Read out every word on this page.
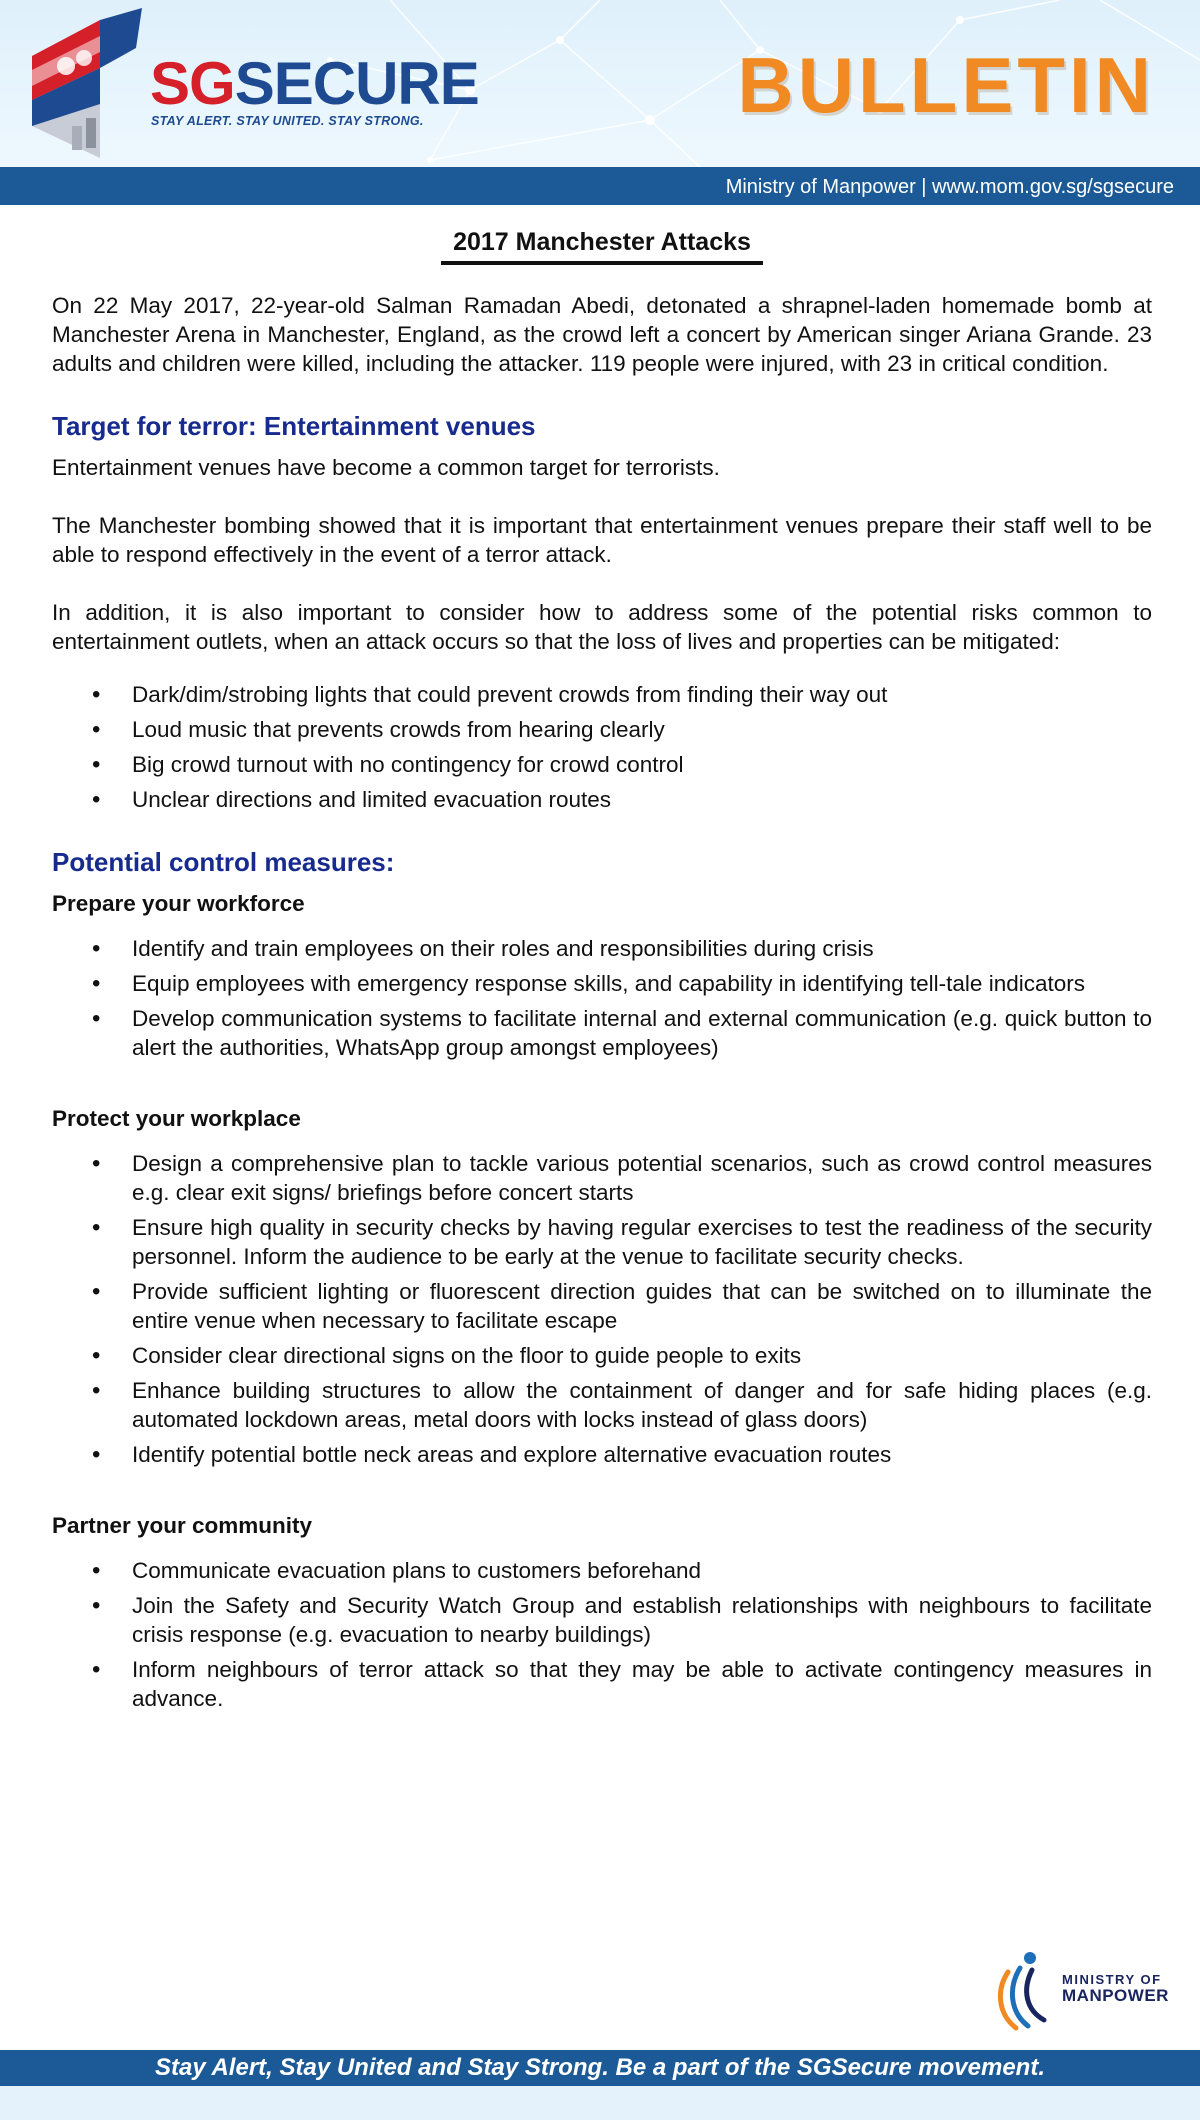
SGSECURE
STAY ALERT. STAY UNITED. STAY STRONG.	BULLETIN
Ministry of Manpower | www.mom.gov.sg/sgsecure
2017 Manchester Attacks

On 22 May 2017, 22-year-old Salman Ramadan Abedi, detonated a shrapnel-laden homemade bomb at Manchester Arena in Manchester, England, as the crowd left a concert by American singer Ariana Grande. 23 adults and children were killed, including the attacker. 119 people were injured, with 23 in critical condition.

Target for terror: Entertainment venues

Entertainment venues have become a common target for terrorists.

The Manchester bombing showed that it is important that entertainment venues prepare their staff well to be able to respond effectively in the event of a terror attack.

In addition, it is also important to consider how to address some of the potential risks common to entertainment outlets, when an attack occurs so that the loss of lives and properties can be mitigated:

• Dark/dim/strobing lights that could prevent crowds from finding their way out
• Loud music that prevents crowds from hearing clearly
• Big crowd turnout with no contingency for crowd control
• Unclear directions and limited evacuation routes
Potential control measures:
Prepare your workforce
• Identify and train employees on their roles and responsibilities during crisis
• Equip employees with emergency response skills, and capability in identifying tell-tale indicators
• Develop communication systems to facilitate internal and external communication (e.g. quick button to alert the authorities, WhatsApp group amongst employees)
Protect your workplace
• Design a comprehensive plan to tackle various potential scenarios, such as crowd control measures e.g. clear exit signs/ briefings before concert starts
• Ensure high quality in security checks by having regular exercises to test the readiness of the security personnel. Inform the audience to be early at the venue to facilitate security checks.
• Provide sufficient lighting or fluorescent direction guides that can be switched on to illuminate the entire venue when necessary to facilitate escape
• Consider clear directional signs on the floor to guide people to exits
• Enhance building structures to allow the containment of danger and for safe hiding places (e.g. automated lockdown areas, metal doors with locks instead of glass doors)
• Identify potential bottle neck areas and explore alternative evacuation routes
Partner your community
• Communicate evacuation plans to customers beforehand
• Join the Safety and Security Watch Group and establish relationships with neighbours to facilitate crisis response (e.g. evacuation to nearby buildings)
• Inform neighbours of terror attack so that they may be able to activate contingency measures in advance.
MINISTRY OF
MANPOWER
Stay Alert, Stay United and Stay Strong. Be a part of the SGSecure movement.
